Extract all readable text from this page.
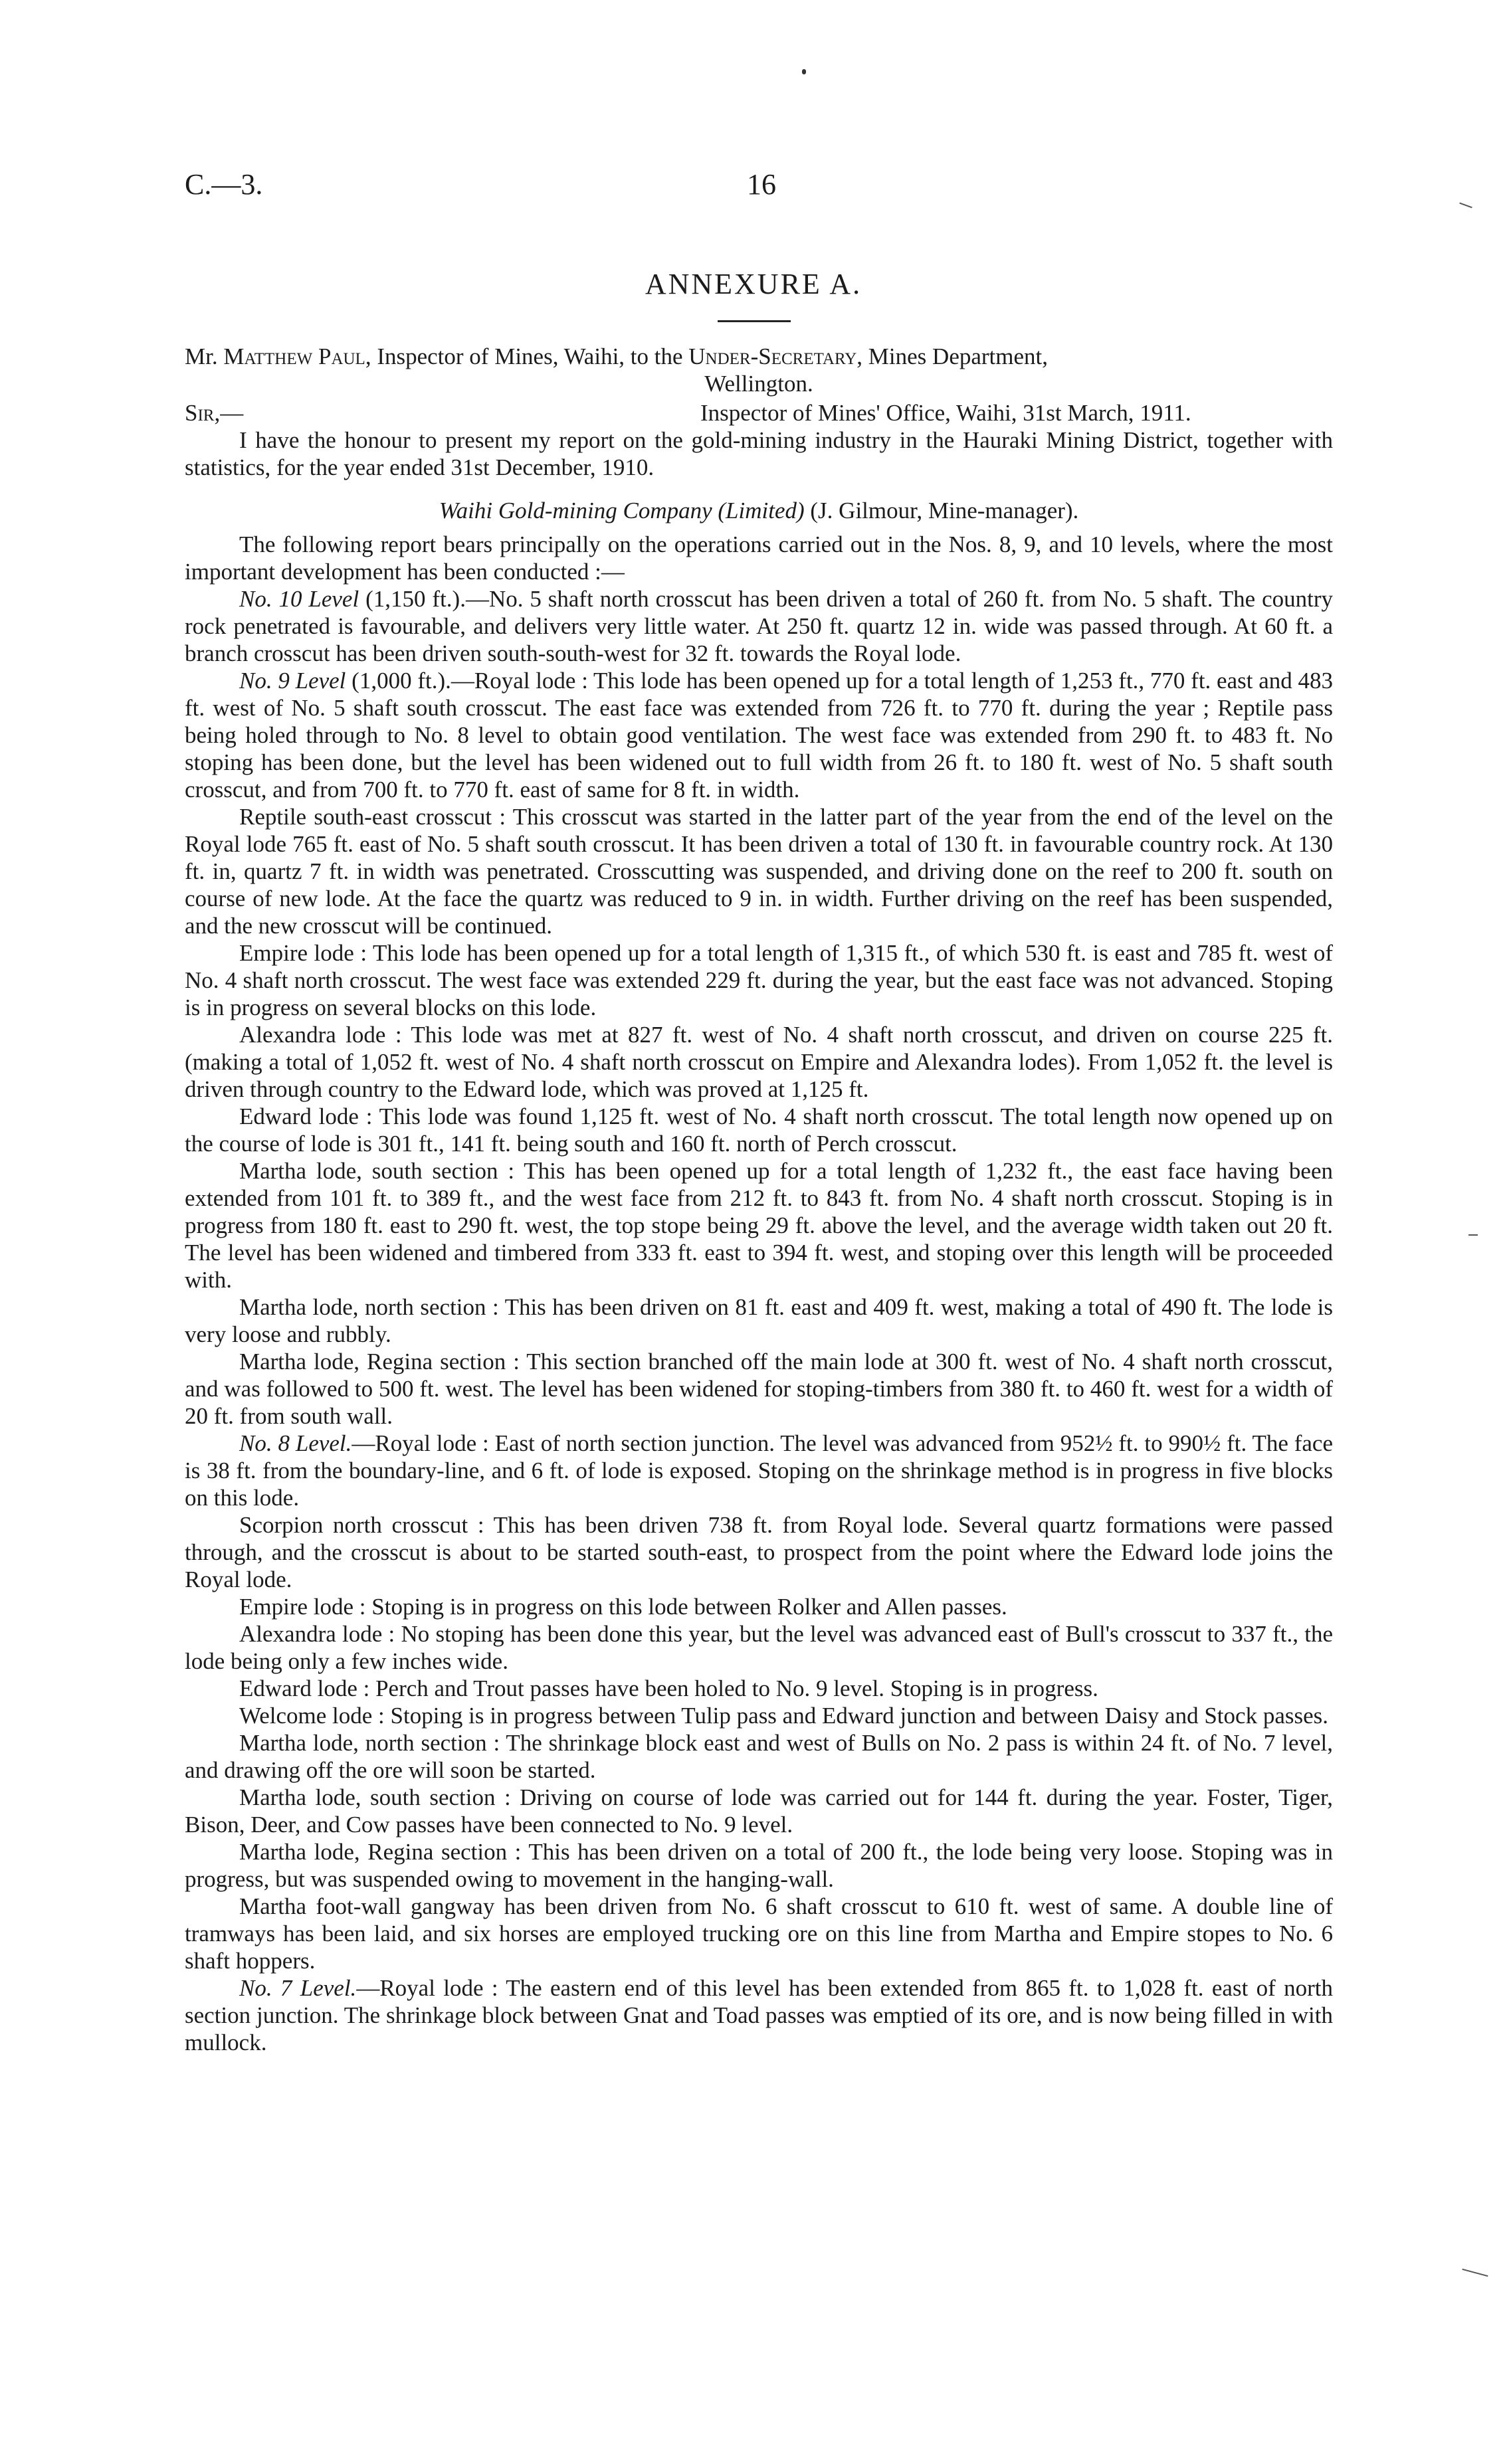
C.—3.	16
ANNEXURE A.
Mr. Matthew Paul, Inspector of Mines, Waihi, to the Under-Secretary, Mines Department,
Wellington.
Sir,—	Inspector of Mines' Office, Waihi, 31st March, 1911.

I have the honour to present my report on the gold-mining industry in the Hauraki Mining District, together with statistics, for the year ended 31st December, 1910.

Waihi Gold-mining Company (Limited) (J. Gilmour, Mine-manager).

The following report bears principally on the operations carried out in the Nos. 8, 9, and 10 levels, where the most important development has been conducted :—

No. 10 Level (1,150 ft.).—No. 5 shaft north crosscut has been driven a total of 260 ft. from No. 5 shaft. The country rock penetrated is favourable, and delivers very little water. At 250 ft. quartz 12 in. wide was passed through. At 60 ft. a branch crosscut has been driven south-south-west for 32 ft. towards the Royal lode.

No. 9 Level (1,000 ft.).—Royal lode : This lode has been opened up for a total length of 1,253 ft., 770 ft. east and 483 ft. west of No. 5 shaft south crosscut. The east face was extended from 726 ft. to 770 ft. during the year ; Reptile pass being holed through to No. 8 level to obtain good ventilation. The west face was extended from 290 ft. to 483 ft. No stoping has been done, but the level has been widened out to full width from 26 ft. to 180 ft. west of No. 5 shaft south crosscut, and from 700 ft. to 770 ft. east of same for 8 ft. in width.

Reptile south-east crosscut : This crosscut was started in the latter part of the year from the end of the level on the Royal lode 765 ft. east of No. 5 shaft south crosscut. It has been driven a total of 130 ft. in favourable country rock. At 130 ft. in, quartz 7 ft. in width was penetrated. Crosscutting was suspended, and driving done on the reef to 200 ft. south on course of new lode. At the face the quartz was reduced to 9 in. in width. Further driving on the reef has been suspended, and the new crosscut will be continued.

Empire lode : This lode has been opened up for a total length of 1,315 ft., of which 530 ft. is east and 785 ft. west of No. 4 shaft north crosscut. The west face was extended 229 ft. during the year, but the east face was not advanced. Stoping is in progress on several blocks on this lode.

Alexandra lode : This lode was met at 827 ft. west of No. 4 shaft north crosscut, and driven on course 225 ft. (making a total of 1,052 ft. west of No. 4 shaft north crosscut on Empire and Alexandra lodes). From 1,052 ft. the level is driven through country to the Edward lode, which was proved at 1,125 ft.

Edward lode : This lode was found 1,125 ft. west of No. 4 shaft north crosscut. The total length now opened up on the course of lode is 301 ft., 141 ft. being south and 160 ft. north of Perch crosscut.

Martha lode, south section : This has been opened up for a total length of 1,232 ft., the east face having been extended from 101 ft. to 389 ft., and the west face from 212 ft. to 843 ft. from No. 4 shaft north crosscut. Stoping is in progress from 180 ft. east to 290 ft. west, the top stope being 29 ft. above the level, and the average width taken out 20 ft. The level has been widened and timbered from 333 ft. east to 394 ft. west, and stoping over this length will be proceeded with.

Martha lode, north section : This has been driven on 81 ft. east and 409 ft. west, making a total of 490 ft. The lode is very loose and rubbly.

Martha lode, Regina section : This section branched off the main lode at 300 ft. west of No. 4 shaft north crosscut, and was followed to 500 ft. west. The level has been widened for stoping-timbers from 380 ft. to 460 ft. west for a width of 20 ft. from south wall.

No. 8 Level.—Royal lode : East of north section junction. The level was advanced from 952½ ft. to 990½ ft. The face is 38 ft. from the boundary-line, and 6 ft. of lode is exposed. Stoping on the shrinkage method is in progress in five blocks on this lode.

Scorpion north crosscut : This has been driven 738 ft. from Royal lode. Several quartz formations were passed through, and the crosscut is about to be started south-east, to prospect from the point where the Edward lode joins the Royal lode.

Empire lode : Stoping is in progress on this lode between Rolker and Allen passes.

Alexandra lode : No stoping has been done this year, but the level was advanced east of Bull's crosscut to 337 ft., the lode being only a few inches wide.

Edward lode : Perch and Trout passes have been holed to No. 9 level. Stoping is in progress.

Welcome lode : Stoping is in progress between Tulip pass and Edward junction and between Daisy and Stock passes.

Martha lode, north section : The shrinkage block east and west of Bulls on No. 2 pass is within 24 ft. of No. 7 level, and drawing off the ore will soon be started.

Martha lode, south section : Driving on course of lode was carried out for 144 ft. during the year. Foster, Tiger, Bison, Deer, and Cow passes have been connected to No. 9 level.

Martha lode, Regina section : This has been driven on a total of 200 ft., the lode being very loose. Stoping was in progress, but was suspended owing to movement in the hanging-wall.

Martha foot-wall gangway has been driven from No. 6 shaft crosscut to 610 ft. west of same. A double line of tramways has been laid, and six horses are employed trucking ore on this line from Martha and Empire stopes to No. 6 shaft hoppers.

No. 7 Level.—Royal lode : The eastern end of this level has been extended from 865 ft. to 1,028 ft. east of north section junction. The shrinkage block between Gnat and Toad passes was emptied of its ore, and is now being filled in with mullock.
